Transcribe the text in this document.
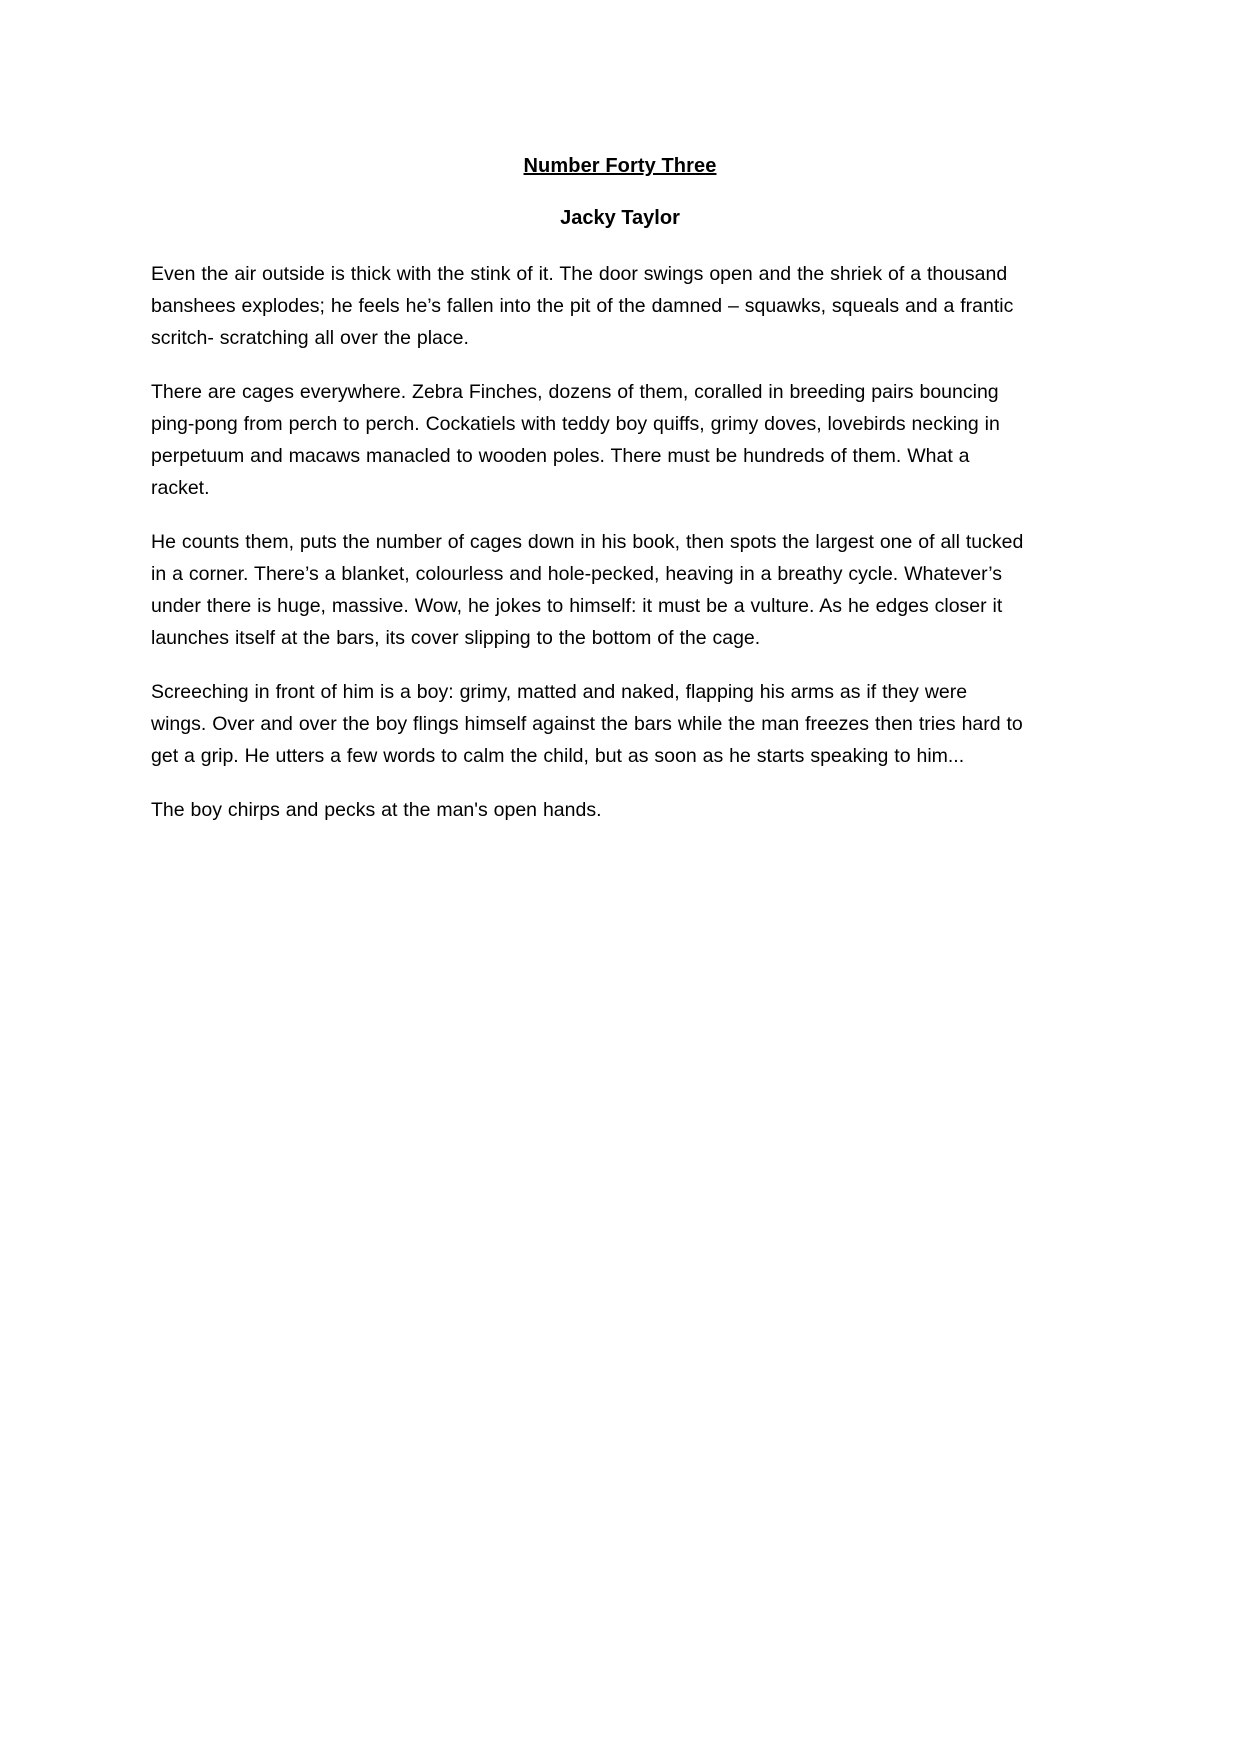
Number Forty Three
Jacky Taylor

Even the air outside is thick with the stink of it. The door swings open and the shriek of a thousand
banshees explodes; he feels he’s fallen into the pit of the damned – squawks, squeals and a frantic
scritch- scratching all over the place.

There are cages everywhere. Zebra Finches, dozens of them, coralled in breeding pairs bouncing
ping-pong from perch to perch. Cockatiels with teddy boy quiffs, grimy doves, lovebirds necking in
perpetuum and macaws manacled to wooden poles. There must be hundreds of them. What a
racket.

He counts them, puts the number of cages down in his book, then spots the largest one of all tucked
in a corner. There’s a blanket, colourless and hole-pecked, heaving in a breathy cycle. Whatever’s
under there is huge, massive. Wow, he jokes to himself: it must be a vulture. As he edges closer it
launches itself at the bars, its cover slipping to the bottom of the cage.

Screeching in front of him is a boy: grimy, matted and naked, flapping his arms as if they were
wings. Over and over the boy flings himself against the bars while the man freezes then tries hard to
get a grip. He utters a few words to calm the child, but as soon as he starts speaking to him...

The boy chirps and pecks at the man's open hands.
